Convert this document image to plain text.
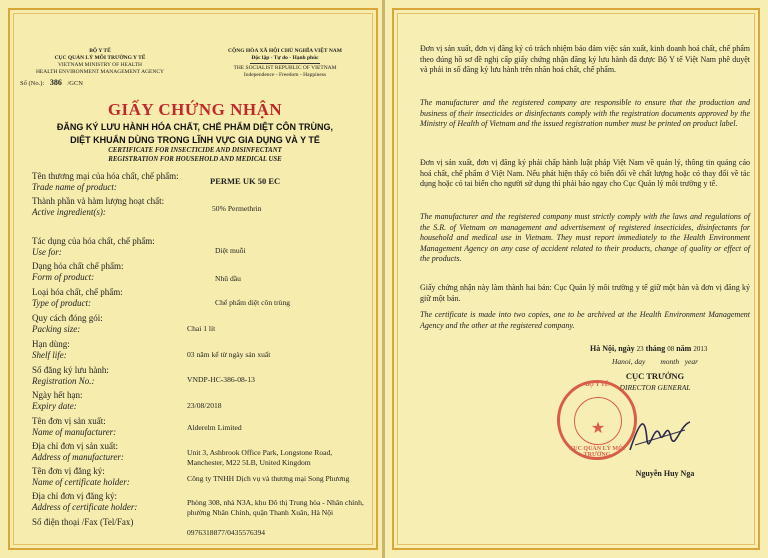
BỘ Y TẾ
CỤC QUẢN LÝ MÔI TRƯỜNG Y TẾ
VIETNAM MINISTRY OF HEALTH
HEALTH ENVIRONMENT MANAGEMENT AGENCY
Số (No.): 386 /GCN
CỘNG HÒA XÃ HỘI CHỦ NGHĨA VIỆT NAM
Độc lập - Tự do - Hạnh phúc
THE SOCIALIST REPUBLIC OF VIETNAM
Independence - Freedom - Happiness
GIẤY CHỨNG NHẬN
ĐĂNG KÝ LƯU HÀNH HÓA CHẤT, CHẾ PHẨM DIỆT CÔN TRÙNG,
DIỆT KHUẨN DÙNG TRONG LĨNH VỰC GIA DỤNG VÀ Y TẾ
CERTIFICATE FOR INSECTICIDE AND DISINFECTANT
REGISTRATION FOR HOUSEHOLD AND MEDICAL USE
Tên thương mại của hóa chất, chế phẩm:
Trade name of product:
PERME UK 50 EC
Thành phần và hàm lượng hoạt chất:
Active ingredient(s):	50% Permethrin
Tác dụng của hóa chất, chế phẩm:
Use for:	Diệt muỗi
Dạng hóa chất chế phẩm:
Form of product:	Nhũ dầu
Loại hóa chất, chế phẩm:
Type of product:	Chế phẩm diệt côn trùng
Quy cách đóng gói:
Packing size:	Chai 1 lít
Hạn dùng:
Shelf life:	03 năm kể từ ngày sản xuất
Số đăng ký lưu hành:
Registration No.:	VNDP-HC-386-08-13
Ngày hết hạn:
Expiry date:	23/08/2018
Tên đơn vị sản xuất:
Name of manufacturer:	Alderelm Limited
Địa chỉ đơn vị sản xuất:
Address of manufacturer:	Unit 3, Ashbrook Office Park, Longstone Road, Manchester, M22 5LB, United Kingdom
Tên đơn vị đăng ký:
Name of certificate holder:	Công ty TNHH Dịch vụ và thương mại Song Phương
Địa chỉ đơn vị đăng ký:
Address of certificate holder:	Phòng 308, nhà N3A, khu Đô thị Trung hòa - Nhân chính, phường Nhân Chính, quận Thanh Xuân, Hà Nội
Số điện thoại /Fax (Tel/Fax)
0976318877/0435576394
Đơn vị sản xuất, đơn vị đăng ký có trách nhiệm bảo đảm việc sản xuất, kinh doanh hoá chất, chế phẩm theo đúng hồ sơ đề nghị cấp giấy chứng nhận đăng ký lưu hành đã được Bộ Y tế Việt Nam phê duyệt và phải in số đăng ký lưu hành trên nhãn hoá chất, chế phẩm.
The manufacturer and the registered company are responsible to ensure that the production and business of their insecticides or disinfectants comply with the registration documents approved by the Ministry of Health of Vietnam and the issued registration number must be printed on product label.
Đơn vị sản xuất, đơn vị đăng ký phải chấp hành luật pháp Việt Nam về quản lý, thông tin quảng cáo hoá chất, chế phẩm ở Việt Nam. Nếu phát hiện thấy có biến đổi về chất lượng hoặc có thay đổi về tác dụng hoặc có tai biến cho người sử dụng thì phải báo ngay cho Cục Quản lý môi trường y tế.
The manufacturer and the registered company must strictly comply with the laws and regulations of the S.R. of Vietnam on management and advertisement of registered insecticides, disinfectants for household and medical use in Vietnam. They must report immediately to the Health Environment Management Agency on any case of accident related to their products, change of quality or effect of the products.
Giấy chứng nhận này làm thành hai bản: Cục Quản lý môi trường y tế giữ một bản và đơn vị đăng ký giữ một bản.
The certificate is made into two copies, one to be archived at the Health Environment Management Agency and the other at the registered company.
Hà Nội, ngày 23 tháng 08 năm 2013
Hanoi, day        month   year
CỤC TRƯỞNG
DIRECTOR GENERAL
BỘ Y TẾ
★
CỤC QUẢN LÝ MÔI TRƯỜNG
Nguyễn Huy Nga
